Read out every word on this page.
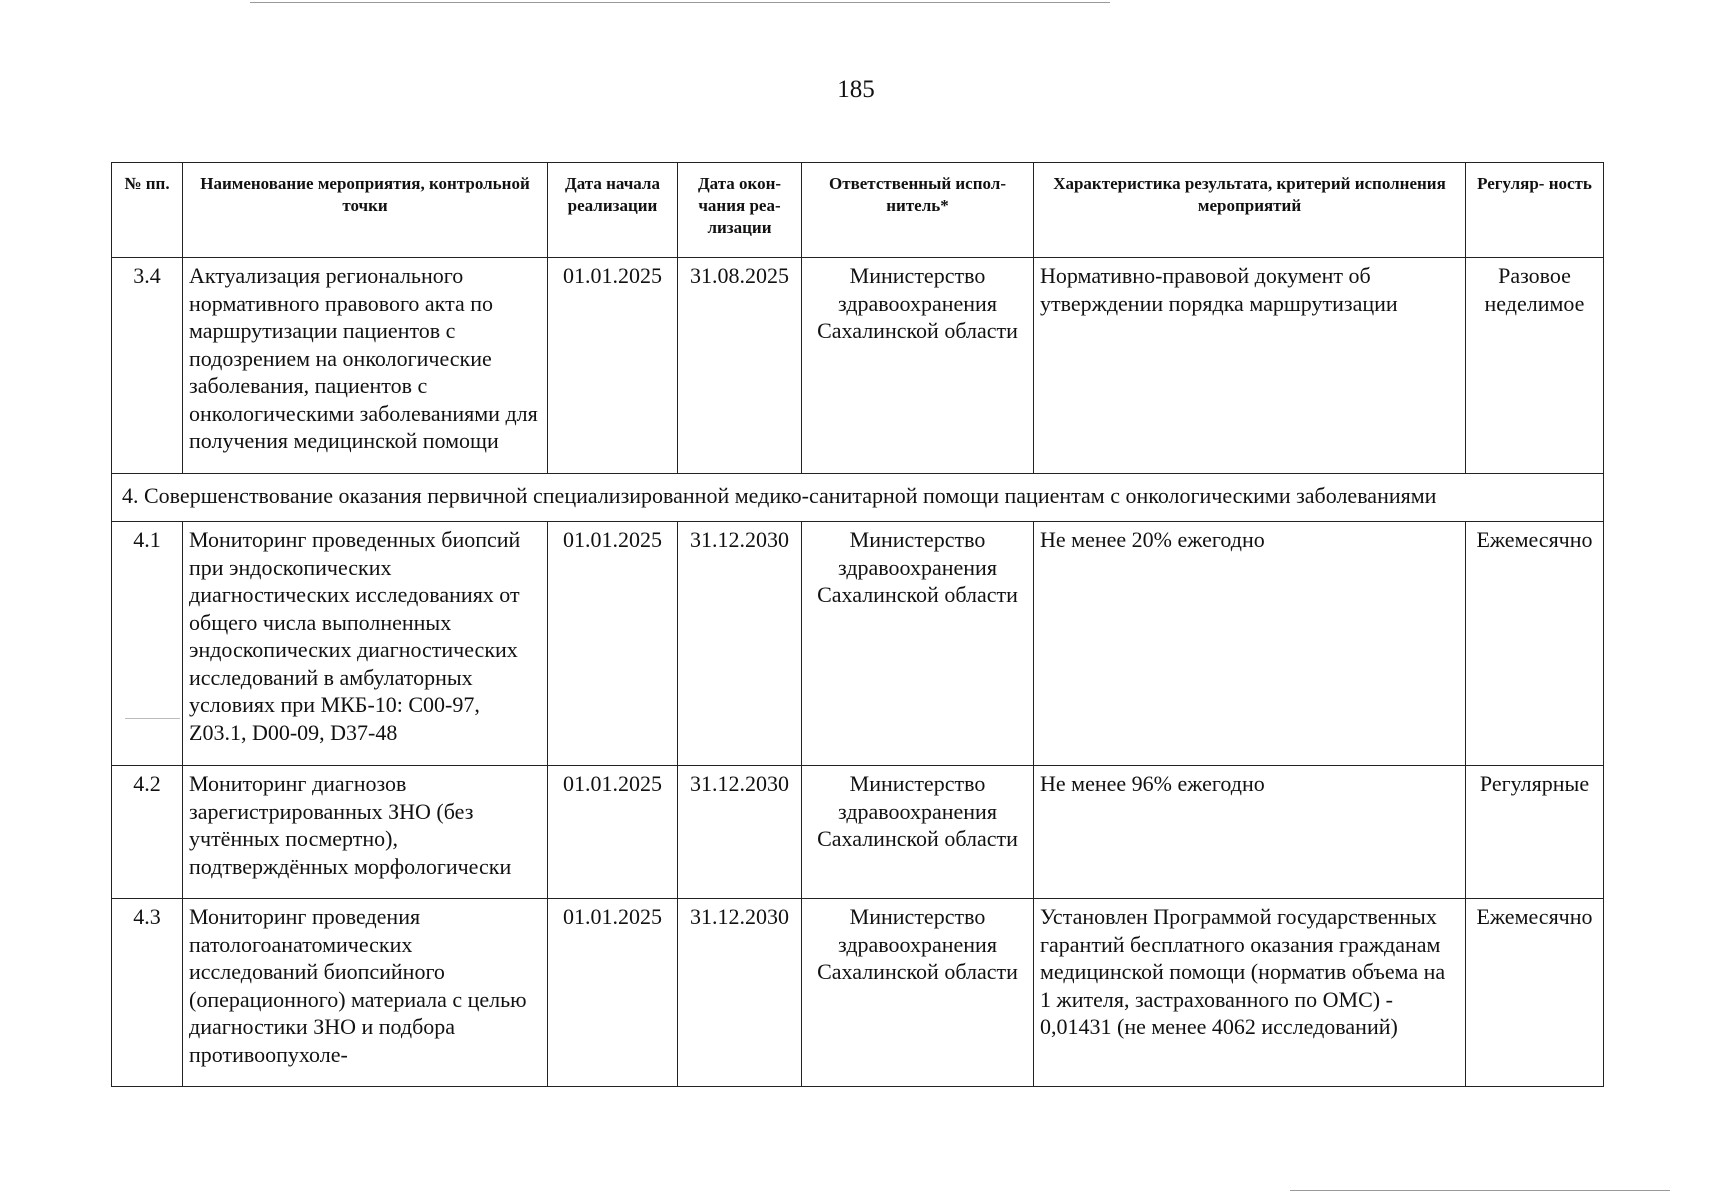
185
№ пп.	Наименование мероприятия, контрольной точки	Дата начала реализации	Дата окон- чания реа- лизации	Ответственный испол- нитель*	Характеристика результата, критерий исполнения мероприятий	Регуляр- ность
3.4	Актуализация регионального нормативного правового акта по маршрутизации пациентов с подозрением на онкологические заболевания, пациентов с онкологическими заболеваниями для получения медицинской помощи	01.01.2025	31.08.2025	Министерство здравоохранения Сахалинской области	Нормативно-правовой документ об утверждении порядка маршрутизации	Разовое неделимое
4. Совершенствование оказания первичной специализированной медико-санитарной помощи пациентам с онкологическими заболеваниями						
4.1	Мониторинг проведенных биопсий при эндоскопических диагностических исследованиях от общего числа выполненных эндоскопических диагностических исследований в амбулаторных условиях при МКБ-10: С00-97, Z03.1, D00-09, D37-48	01.01.2025	31.12.2030	Министерство здравоохранения Сахалинской области	Не менее 20% ежегодно	Ежемесячно
4.2	Мониторинг диагнозов зарегистрированных ЗНО (без учтённых посмертно), подтверждённых морфологически	01.01.2025	31.12.2030	Министерство здравоохранения Сахалинской области	Не менее 96% ежегодно	Регулярные
4.3	Мониторинг проведения патологоанатомических исследований биопсийного (операционного) материала с целью диагностики ЗНО и подбора противоопухоле-	01.01.2025	31.12.2030	Министерство здравоохранения Сахалинской области	Установлен Программой государственных гарантий бесплатного оказания гражданам медицинской помощи (норматив объема на 1 жителя, застрахованного по ОМС) - 0,01431 (не менее 4062 исследований)	Ежемесячно
